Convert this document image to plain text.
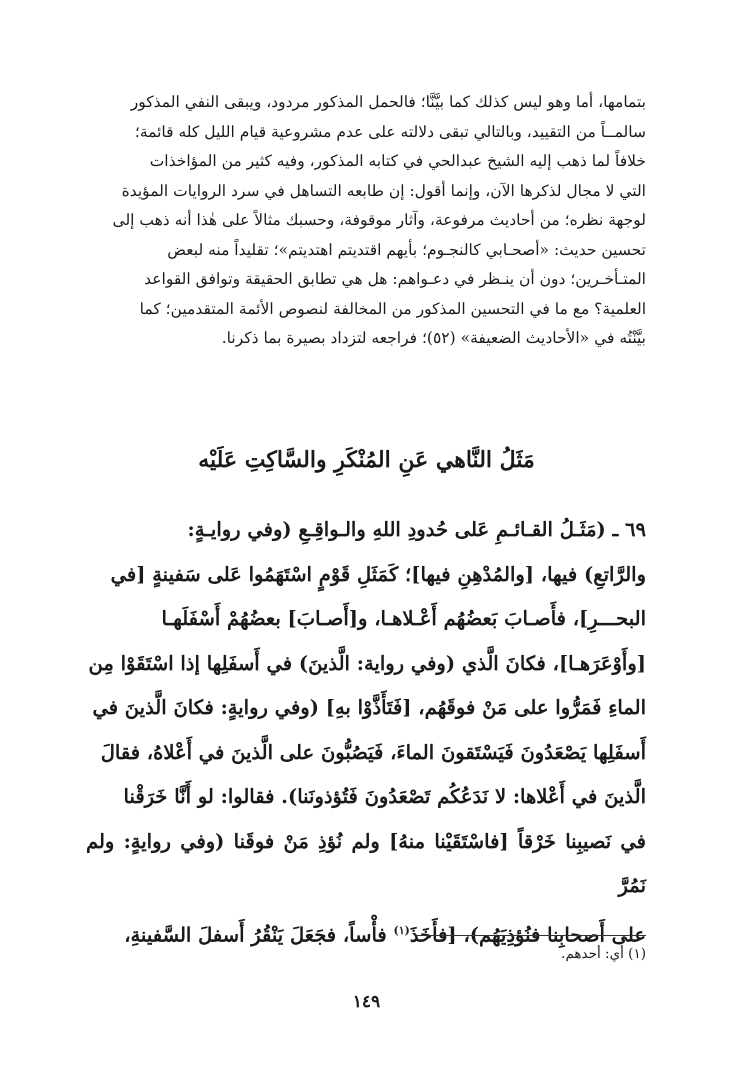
بتمامها، أما وهو ليس كذلك كما بيَّنَّا؛ فالحمل المذكور مردود، ويبقى النفي المذكور
سالمــاً من التقييد، وبالتالي تبقى دلالته على عدم مشروعية قيام الليل كله قائمة؛
خلافاً لما ذهب إليه الشيخ عبدالحي في كتابه المذكور، وفيه كثير من المؤاخذات
التي لا مجال لذكرها الآن، وإنما أقول: إن طابعه التساهل في سرد الروايات المؤيدة
لوجهة نظره؛ من أحاديث مرفوعة، وآثار موقوفة، وحسبك مثالاً على هٰذا أنه ذهب إلى
تحسين حديث: «أصحـابي كالنجـوم؛ بأيهم اقتديتم اهتديتم»؛ تقليداً منه لبعض
المتـأخـرين؛ دون أن ينـظر في دعـواهم: هل هي تطابق الحقيقة وتوافق القواعد
العلمية؟ مع ما في التحسين المذكور من المخالفة لنصوص الأئمة المتقدمين؛ كما
بيَّنْتُه في «الأحاديث الضعيفة» (٥٢)؛ فراجعه لتزداد بصيرة بما ذكرنا.

مَثَلُ النَّاهي عَنِ المُنْكَرِ والسَّاكِتِ عَلَيْه

٦٩ ـ (مَثَـلُ القـائـمِ عَلى حُدودِ اللهِ والـواقِـعِ (وفي روايـةٍ:
والرَّاتعِ) فيها، [والمُدْهِنِ فيها]؛ كَمَثَلِ قَوْمٍ اسْتَهَمُوا عَلى سَفينةٍ [في
البحـــرِ]، فأَصـابَ بَعضُهُم أَعْـلاهـا، و[أَصـابَ] بعضُهُمْ أَسْفَلَهـا
[وأَوْعَرَهـا]، فكانَ الَّذي (وفي رواية: الَّذينَ) في أَسفَلِها إذا اسْتَقَوْا مِن
الماءِ فَمَرُّوا على مَنْ فوقَهُم، [فَتَأَذَّوْا بهِ] (وفي روايةٍ: فكانَ الَّذينَ في
أَسفَلِها يَصْعَدُونَ فَيَسْتَقونَ الماءَ، فَيَصُبُّونَ على الَّذينَ في أَعْلاهُ، فقالَ
الَّذينَ في أَعْلاها: لا نَدَعُكُم تَصْعَدُونَ فَتُؤذونَنا). فقالوا: لو أَنَّا خَرَقْنا
في نَصيبِنا خَرْقاً [فاسْتَقَيْنا منهُ] ولم نُؤذِ مَنْ فوقَنا (وفي روايةٍ: ولم نَمُرَّ
على أَصحابِنا فنُؤذِيَهُم)، [فأَخَذَ$^{(١)}$ فأْساً، فجَعَلَ يَنْقُرُ أَسفلَ السَّفينةِ،

(١) أي: أحدهم.

١٤٩
